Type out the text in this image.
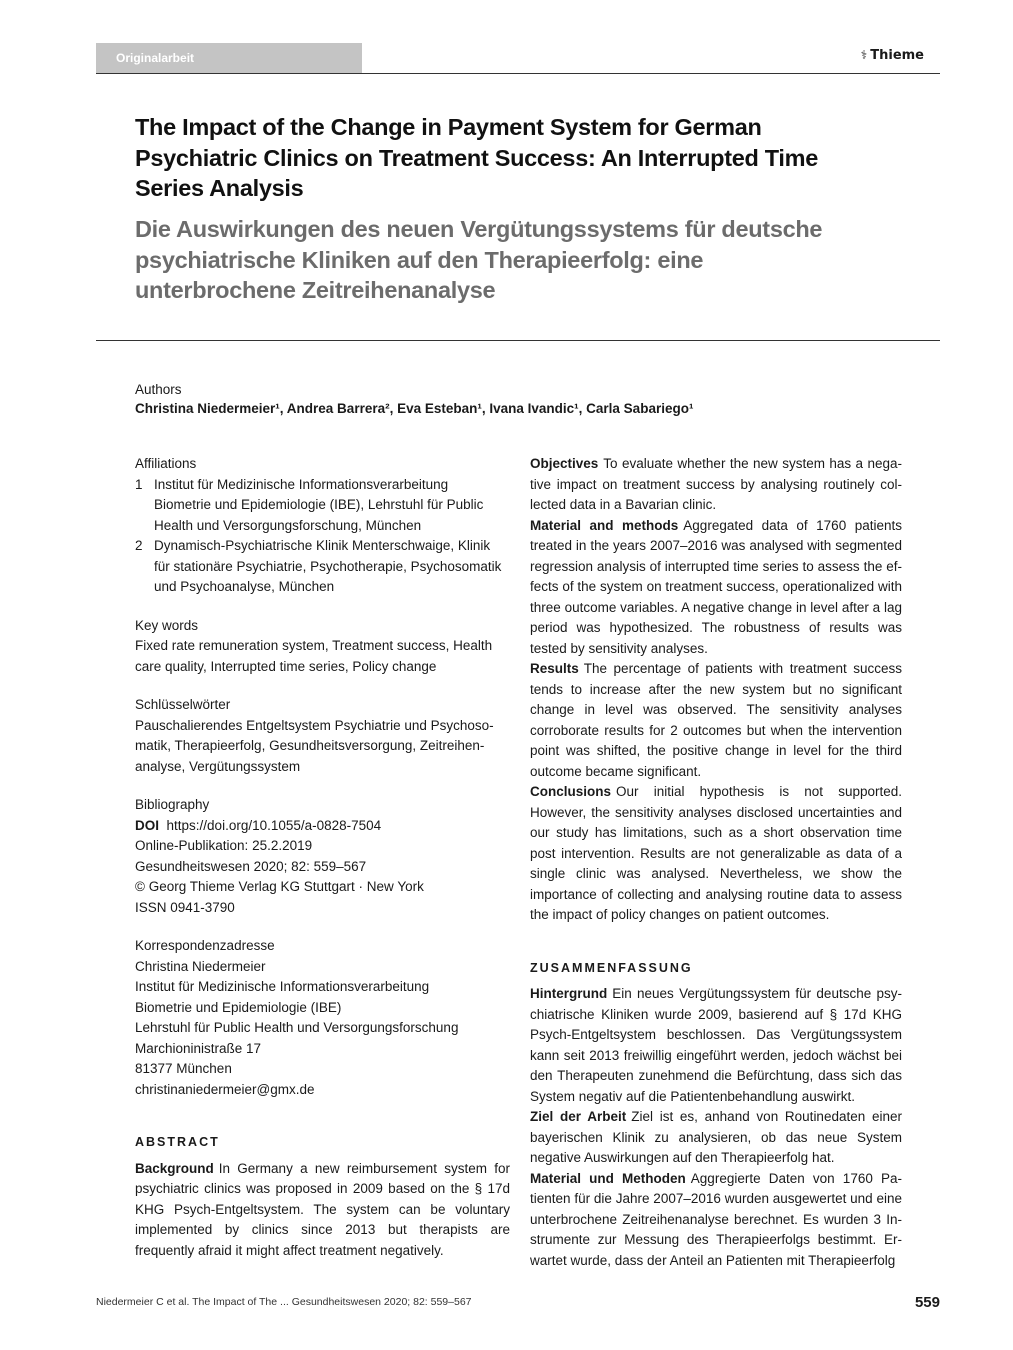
Originalarbeit	⚕ Thieme
The Impact of the Change in Payment System for German
Psychiatric Clinics on Treatment Success: An Interrupted Time
Series Analysis
Die Auswirkungen des neuen Vergütungssystems für deutsche
psychiatrische Kliniken auf den Therapieerfolg: eine
unterbrochene Zeitreihenanalyse
Authors
Christina Niedermeier¹, Andrea Barrera², Eva Esteban¹, Ivana Ivandic¹, Carla Sabariego¹

Affiliations

1 Institut für Medizinische Informationsverarbeitung
Biometrie und Epidemiologie (IBE), Lehrstuhl für Public
Health und Versorgungsforschung, München
2 Dynamisch-Psychiatrische Klinik Menterschwaige, Klinik
für stationäre Psychiatrie, Psychotherapie, Psychosomatik
und Psychoanalyse, München

Key words

Fixed rate remuneration system, Treatment success, Health

care quality, Interrupted time series, Policy change

Schlüsselwörter

Pauschalierendes Entgeltsystem Psychiatrie und Psychoso-

matik, Therapieerfolg, Gesundheitsversorgung, Zeitreihen-

analyse, Vergütungssystem

Bibliography

DOI https://doi.org/10.1055/a-0828-7504

Online-Publikation: 25.2.2019

Gesundheitswesen 2020; 82: 559–567

© Georg Thieme Verlag KG Stuttgart · New York

ISSN 0941-3790

Korrespondenzadresse

Christina Niedermeier

Institut für Medizinische Informationsverarbeitung

Biometrie und Epidemiologie (IBE)

Lehrstuhl für Public Health und Versorgungsforschung

Marchioninistraße 17

81377 München

christinaniedermeier@gmx.de

ABSTRACT

Background In Germany a new reimbursement system for psychiatric clinics was proposed in 2009 based on the § 17d KHG Psych-Entgeltsystem. The system can be voluntary implemented by clinics since 2013 but therapists are frequently afraid it might affect treatment negatively.

Objectives To evaluate whether the new system has a negative impact on treatment success by analysing routinely collected data in a Bavarian clinic.

Material and methods Aggregated data of 1760 patients treated in the years 2007–2016 was analysed with segmented regression analysis of interrupted time series to assess the effects of the system on treatment success, operationalized with three outcome variables. A negative change in level after a lag period was hypothesized. The robustness of results was tested by sensitivity analyses.

Results The percentage of patients with treatment success tends to increase after the new system but no significant change in level was observed. The sensitivity analyses corroborate results for 2 outcomes but when the intervention point was shifted, the positive change in level for the third outcome became significant.

Conclusions Our initial hypothesis is not supported. However, the sensitivity analyses disclosed uncertainties and our study has limitations, such as a short observation time post intervention. Results are not generalizable as data of a single clinic was analysed. Nevertheless, we show the importance of collecting and analysing routine data to assess the impact of policy changes on patient outcomes.

ZUSAMMENFASSUNG

Hintergrund Ein neues Vergütungssystem für deutsche psychiatrische Kliniken wurde 2009, basierend auf § 17d KHG Psych-Entgeltsystem beschlossen. Das Vergütungssystem kann seit 2013 freiwillig eingeführt werden, jedoch wächst bei den Therapeuten zunehmend die Befürchtung, dass sich das System negativ auf die Patientenbehandlung auswirkt.

Ziel der Arbeit Ziel ist es, anhand von Routinedaten einer bayerischen Klinik zu analysieren, ob das neue System negative Auswirkungen auf den Therapieerfolg hat.

Material und Methoden Aggregierte Daten von 1760 Patienten für die Jahre 2007–2016 wurden ausgewertet und eine unterbrochene Zeitreihenanalyse berechnet. Es wurden 3 Instrumente zur Messung des Therapieerfolgs bestimmt. Erwartet wurde, dass der Anteil an Patienten mit Therapieerfolg

Niedermeier C et al. The Impact of The ... Gesundheitswesen 2020; 82: 559–567	559
